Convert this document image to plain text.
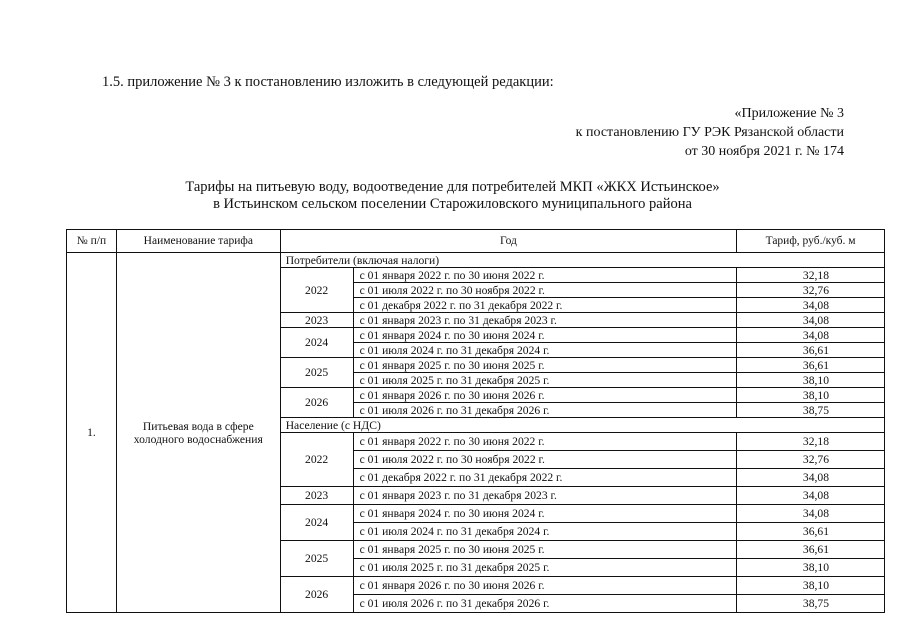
1.5. приложение № 3 к постановлению изложить в следующей редакции:
«Приложение № 3
к постановлению ГУ РЭК Рязанской области
от 30 ноября 2021 г. № 174
Тарифы на питьевую воду, водоотведение для потребителей МКП «ЖКХ Истьинское»
в Истьинском сельском поселении Старожиловского муниципального района
№ п/п	Наименование тарифа	Год		Тариф, руб./куб. м
1.	Питьевая вода в сфере холодного водоснабжения	Потребители (включая налоги)		
		2022	с 01 января 2022 г. по 30 июня 2022 г.	32,18
			с 01 июля 2022 г. по 30 ноября 2022 г.	32,76
			с 01 декабря 2022 г. по 31 декабря 2022 г.	34,08
		2023	с 01 января 2023 г. по 31 декабря 2023 г.	34,08
		2024	с 01 января 2024 г. по 30 июня 2024 г.	34,08
			с 01 июля 2024 г. по 31 декабря 2024 г.	36,61
		2025	с 01 января 2025 г. по 30 июня 2025 г.	36,61
			с 01 июля 2025 г. по 31 декабря 2025 г.	38,10
		2026	с 01 января 2026 г. по 30 июня 2026 г.	38,10
			с 01 июля 2026 г. по 31 декабря 2026 г.	38,75
		Население (с НДС)		
		2022	с 01 января 2022 г. по 30 июня 2022 г.	32,18
			с 01 июля 2022 г. по 30 ноября 2022 г.	32,76
			с 01 декабря 2022 г. по 31 декабря 2022 г.	34,08
		2023	с 01 января 2023 г. по 31 декабря 2023 г.	34,08
		2024	с 01 января 2024 г. по 30 июня 2024 г.	34,08
			с 01 июля 2024 г. по 31 декабря 2024 г.	36,61
		2025	с 01 января 2025 г. по 30 июня 2025 г.	36,61
			с 01 июля 2025 г. по 31 декабря 2025 г.	38,10
		2026	с 01 января 2026 г. по 30 июня 2026 г.	38,10
			с 01 июля 2026 г. по 31 декабря 2026 г.	38,75
